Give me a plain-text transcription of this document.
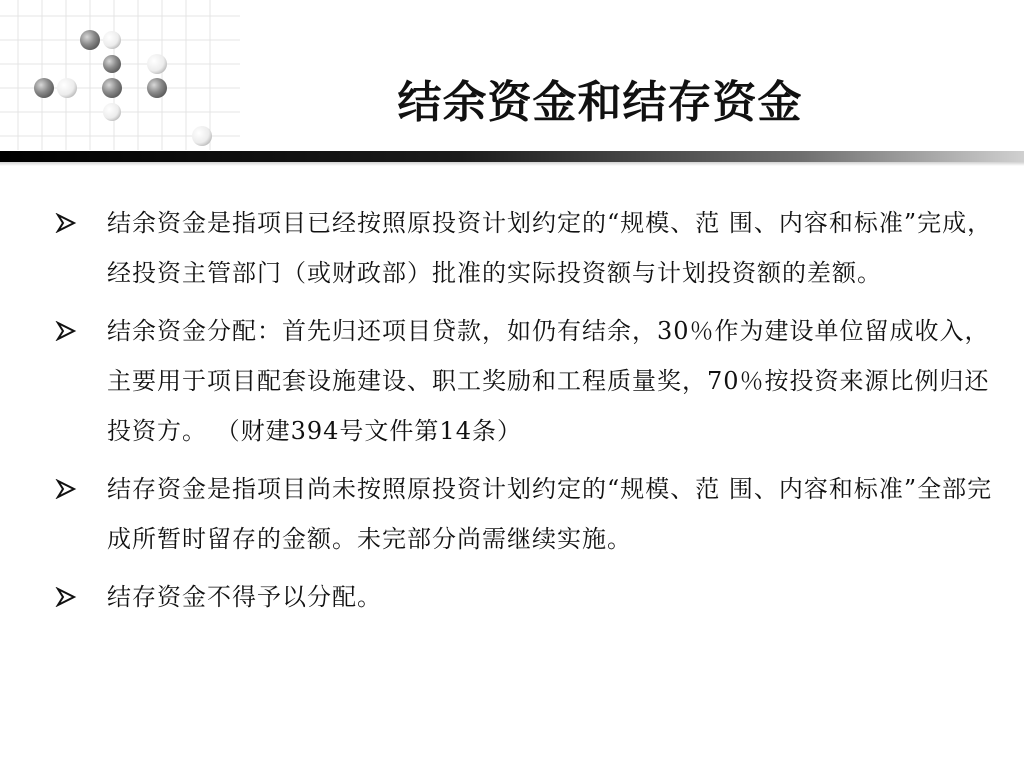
结余资金和结存资金
结余资金是指项目已经按照原投资计划约定的“规模、范 围、内容和标准”完成，经投资主管部门（或财政部）批准的实际投资额与计划投资额的差额。
结余资金分配：首先归还项目贷款，如仍有结余，30％作为建设单位留成收入，主要用于项目配套设施建设、职工奖励和工程质量奖，70％按投资来源比例归还投资方。 （财建394号文件第14条）
结存资金是指项目尚未按照原投资计划约定的“规模、范 围、内容和标准”全部完成所暂时留存的金额。未完部分尚需继续实施。
结存资金不得予以分配。
